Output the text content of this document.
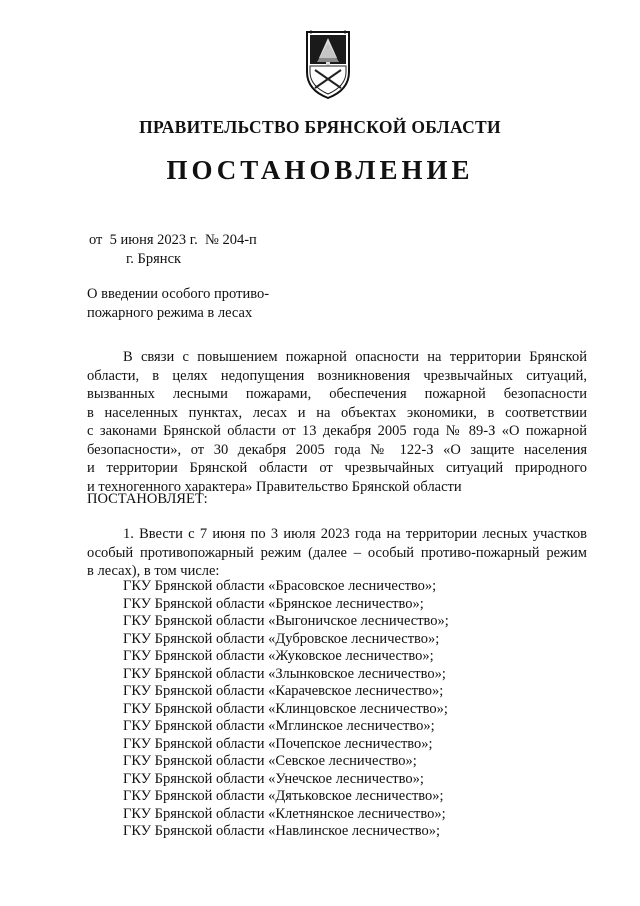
ПРАВИТЕЛЬСТВО БРЯНСКОЙ ОБЛАСТИ
ПОСТАНОВЛЕНИЕ
от  5 июня 2023 г.  № 204-п
г. Брянск
О введении особого противо-
пожарного режима в лесах
В связи с повышением пожарной опасности на территории Брянской
области, в целях недопущения возникновения чрезвычайных ситуаций,
вызванных лесными пожарами, обеспечения пожарной безопасности
в населенных пунктах, лесах и на объектах экономики, в соответствии
с законами Брянской области от 13 декабря 2005 года № 89-З «О пожарной
безопасности», от 30 декабря 2005 года № 122-З «О защите населения
и территории Брянской области от чрезвычайных ситуаций природного
и техногенного характера» Правительство Брянской области
ПОСТАНОВЛЯЕТ:
1. Ввести с 7 июня по 3 июля 2023 года на территории лесных участков
особый противопожарный режим (далее – особый противо-пожарный режим
в лесах), в том числе:
ГКУ Брянской области «Брасовское лесничество»;
ГКУ Брянской области «Брянское лесничество»;
ГКУ Брянской области «Выгоничское лесничество»;
ГКУ Брянской области «Дубровское лесничество»;
ГКУ Брянской области «Жуковское лесничество»;
ГКУ Брянской области «Злынковское лесничество»;
ГКУ Брянской области «Карачевское лесничество»;
ГКУ Брянской области «Клинцовское лесничество»;
ГКУ Брянской области «Мглинское лесничество»;
ГКУ Брянской области «Почепское лесничество»;
ГКУ Брянской области «Севское лесничество»;
ГКУ Брянской области «Унечское лесничество»;
ГКУ Брянской области «Дятьковское лесничество»;
ГКУ Брянской области «Клетнянское лесничество»;
ГКУ Брянской области «Навлинское лесничество»;
